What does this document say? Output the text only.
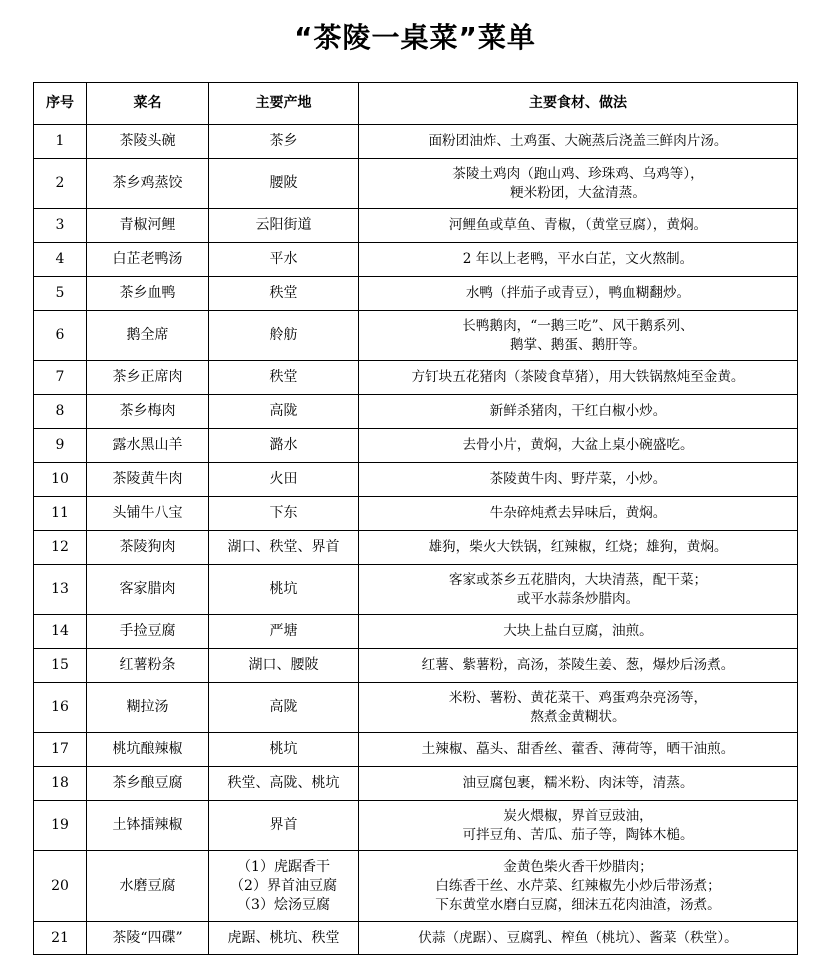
“茶陵一桌菜”菜单
序号	菜名	主要产地	主要食材、做法
1	茶陵头碗	茶乡	面粉团油炸、土鸡蛋、大碗蒸后浇盖三鲜肉片汤。

2	茶乡鸡蒸饺	腰陂	茶陵土鸡肉（跑山鸡、珍珠鸡、乌鸡等），
粳米粉团，大盆清蒸。

3	青椒河鲤	云阳街道	河鲤鱼或草鱼、青椒，（黄堂豆腐），黄焖。

4	白芷老鸭汤	平水	2 年以上老鸭，平水白芷，文火熬制。

5	茶乡血鸭	秩堂	水鸭（拌茄子或青豆），鸭血糊翻炒。

6	鹅全席	舲舫	长鸭鹅肉，“一鹅三吃”、风干鹅系列、
鹅掌、鹅蛋、鹅肝等。

7	茶乡正席肉	秩堂	方钉块五花猪肉（茶陵食草猪），用大铁锅熬炖至金黄。

8	茶乡梅肉	高陇	新鲜杀猪肉，干红白椒小炒。

9	露水黑山羊	潞水	去骨小片，黄焖，大盆上桌小碗盛吃。

10	茶陵黄牛肉	火田	茶陵黄牛肉、野芹菜，小炒。

11	头铺牛八宝	下东	牛杂碎炖煮去异味后，黄焖。

12	茶陵狗肉	湖口、秩堂、界首	雄狗，柴火大铁锅，红辣椒，红烧；雄狗，黄焖。

13	客家腊肉	桃坑	客家或茶乡五花腊肉，大块清蒸，配干菜；
或平水蒜条炒腊肉。

14	手捡豆腐	严塘	大块上盐白豆腐，油煎。

15	红薯粉条	湖口、腰陂	红薯、紫薯粉，高汤，茶陵生姜、葱，爆炒后汤煮。

16	糊拉汤	高陇	米粉、薯粉、黄花菜干、鸡蛋鸡杂亮汤等，
熬煮金黄糊状。

17	桃坑酿辣椒	桃坑	土辣椒、藠头、甜香丝、藿香、薄荷等，晒干油煎。

18	茶乡酿豆腐	秩堂、高陇、桃坑	油豆腐包裹，糯米粉、肉沫等，清蒸。

19	土钵擂辣椒	界首	炭火煨椒，界首豆豉油，
可拌豆角、苦瓜、茄子等，陶钵木槌。

20	水磨豆腐	（1）虎踞香干
（2）界首油豆腐
（3）烩汤豆腐	金黄色柴火香干炒腊肉；
白练香干丝、水芹菜、红辣椒先小炒后带汤煮；
下东黄堂水磨白豆腐，细沫五花肉油渣，汤煮。

21	茶陵“四碟”	虎踞、桃坑、秩堂	伏蒜（虎踞）、豆腐乳、榨鱼（桃坑）、酱菜（秩堂）。
